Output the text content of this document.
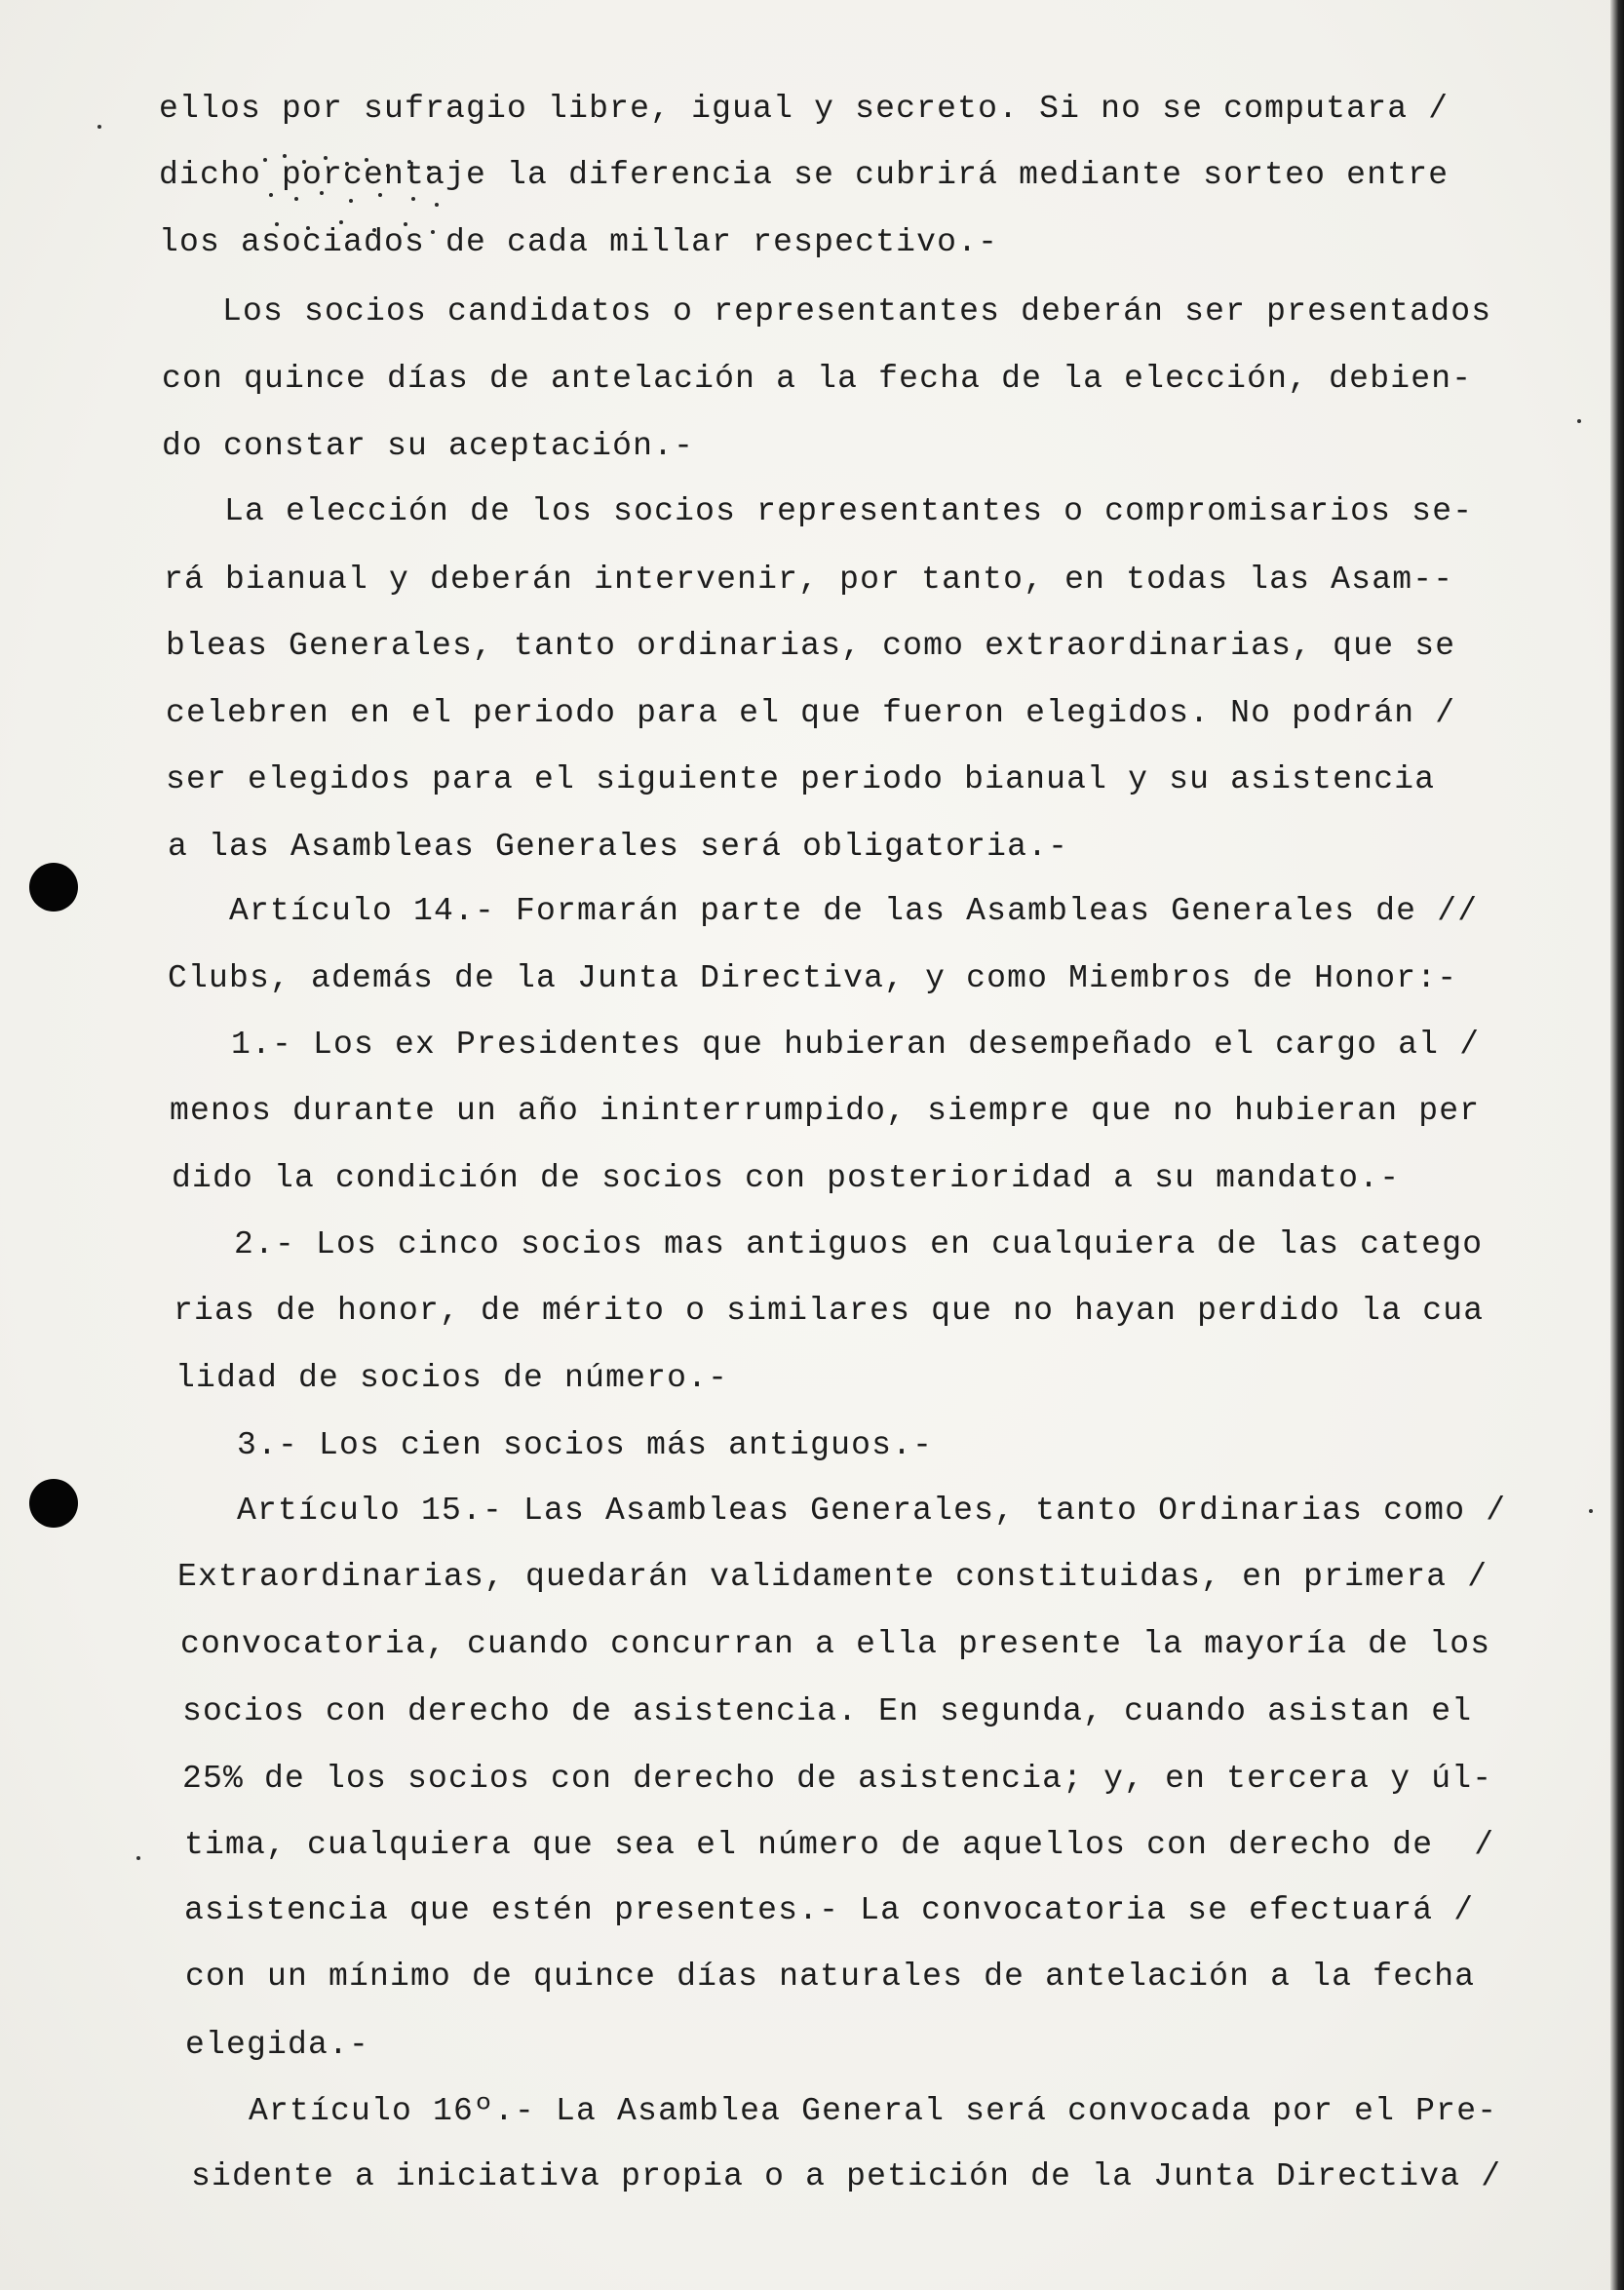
ellos por sufragio libre, igual y secreto. Si no se computara /
dicho porcentaje la diferencia se cubrirá mediante sorteo entre
los asociados de cada millar respectivo.-
Los socios candidatos o representantes deberán ser presentados
con quince días de antelación a la fecha de la elección, debien-
do constar su aceptación.-
La elección de los socios representantes o compromisarios se-
rá bianual y deberán intervenir, por tanto, en todas las Asam--
bleas Generales, tanto ordinarias, como extraordinarias, que se
celebren en el periodo para el que fueron elegidos. No podrán /
ser elegidos para el siguiente periodo bianual y su asistencia
a las Asambleas Generales será obligatoria.-
Artículo 14.- Formarán parte de las Asambleas Generales de //
Clubs, además de la Junta Directiva, y como Miembros de Honor:-
1.- Los ex Presidentes que hubieran desempeñado el cargo al /
menos durante un año ininterrumpido, siempre que no hubieran per
dido la condición de socios con posterioridad a su mandato.-
2.- Los cinco socios mas antiguos en cualquiera de las catego
rias de honor, de mérito o similares que no hayan perdido la cua
lidad de socios de número.-
3.- Los cien socios más antiguos.-
Artículo 15.- Las Asambleas Generales, tanto Ordinarias como /
Extraordinarias, quedarán validamente constituidas, en primera /
convocatoria, cuando concurran a ella presente la mayoría de los
socios con derecho de asistencia. En segunda, cuando asistan el
25% de los socios con derecho de asistencia; y, en tercera y úl-
tima, cualquiera que sea el número de aquellos con derecho de  /
asistencia que estén presentes.- La convocatoria se efectuará /
con un mínimo de quince días naturales de antelación a la fecha
elegida.-
Artículo 16º.- La Asamblea General será convocada por el Pre-
sidente a iniciativa propia o a petición de la Junta Directiva /
